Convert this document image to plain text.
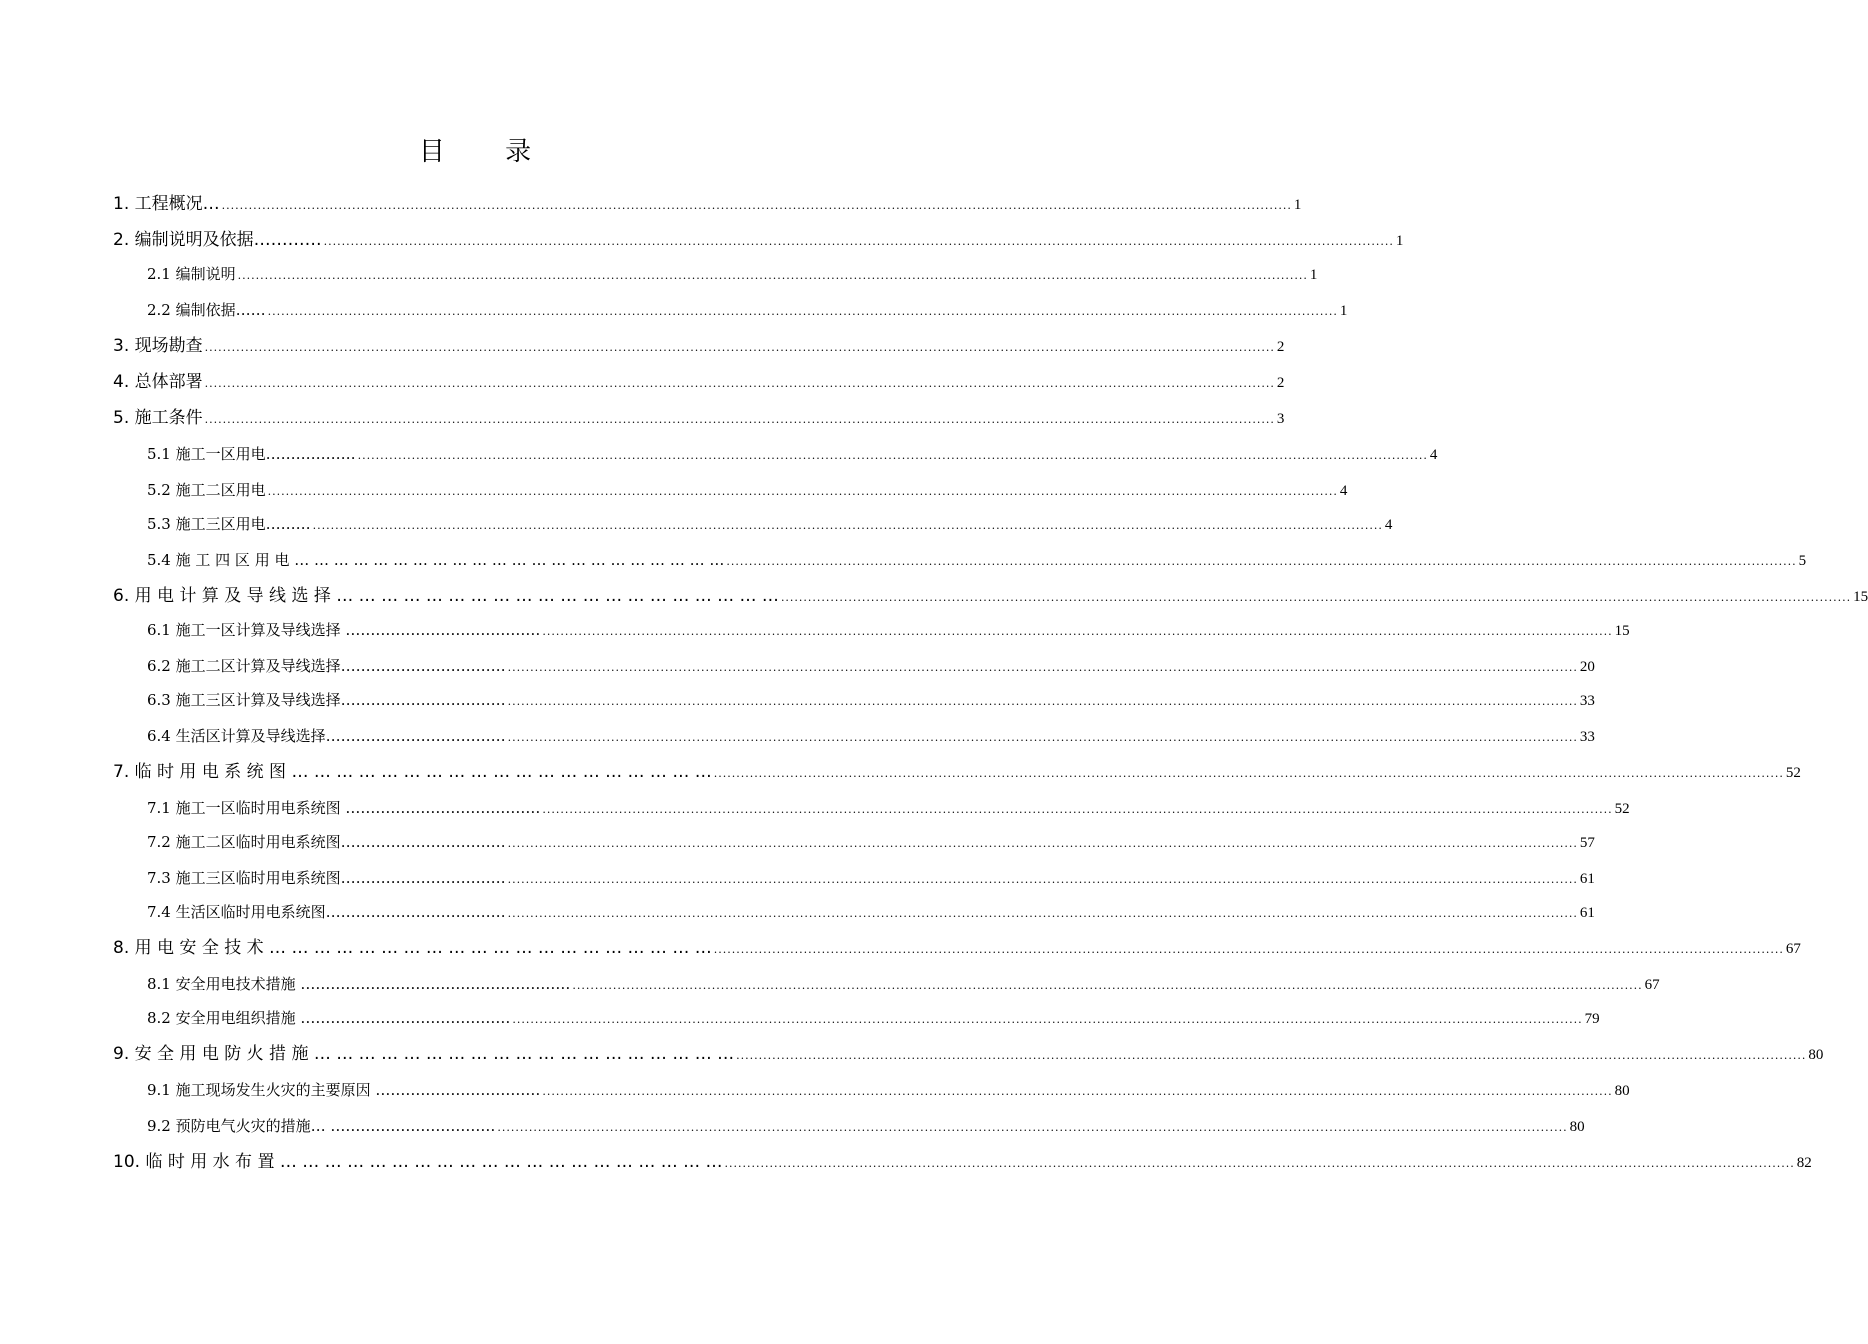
目 录
1. 工程概况… .............................................................................................................................................................................................................................................. 1
2. 编制说明及依据………… .............................................................................................................................................................................................................................................. 1
2.1 编制说明 .............................................................................................................................................................................................................................................. 1
2.2 编制依据…… .............................................................................................................................................................................................................................................. 1
3. 现场勘查 .............................................................................................................................................................................................................................................. 2
4. 总体部署 .............................................................................................................................................................................................................................................. 2
5. 施工条件 .............................................................................................................................................................................................................................................. 3
5.1 施工一区用电……………… .............................................................................................................................................................................................................................................. 4
5.2 施工二区用电 .............................................................................................................................................................................................................................................. 4
5.3 施工三区用电……… .............................................................................................................................................................................................................................................. 4
5.4 施 工 四 区 用 电 … … … … … … … … … … … … … … … … … … … … … … .............................................................................................................................................................................................................................................. 5
6. 用 电 计 算 及 导 线 选 择 … … … … … … … … … … … … … … … … … … … … .............................................................................................................................................................................................................................................. 15
6.1 施工一区计算及导线选择 ………………………………… .............................................................................................................................................................................................................................................. 15
6.2 施工二区计算及导线选择…………………………… .............................................................................................................................................................................................................................................. 20
6.3 施工三区计算及导线选择…………………………… .............................................................................................................................................................................................................................................. 33
6.4 生活区计算及导线选择……………………………… .............................................................................................................................................................................................................................................. 33
7. 临 时 用 电 系 统 图 … … … … … … … … … … … … … … … … … … … .............................................................................................................................................................................................................................................. 52
7.1 施工一区临时用电系统图 ………………………………… .............................................................................................................................................................................................................................................. 52
7.2 施工二区临时用电系统图…………………………… .............................................................................................................................................................................................................................................. 57
7.3 施工三区临时用电系统图…………………………… .............................................................................................................................................................................................................................................. 61
7.4 生活区临时用电系统图……………………………… .............................................................................................................................................................................................................................................. 61
8. 用 电 安 全 技 术 … … … … … … … … … … … … … … … … … … … … .............................................................................................................................................................................................................................................. 67
8.1 安全用电技术措施 ……………………………………………… .............................................................................................................................................................................................................................................. 67
8.2 安全用电组织措施 …………………………………… .............................................................................................................................................................................................................................................. 79
9. 安 全 用 电 防 火 措 施 … … … … … … … … … … … … … … … … … … … .............................................................................................................................................................................................................................................. 80
9.1 施工现场发生火灾的主要原因 …………………………… .............................................................................................................................................................................................................................................. 80
9.2 预防电气火灾的措施… …………………………… .............................................................................................................................................................................................................................................. 80
10. 临 时 用 水 布 置 … … … … … … … … … … … … … … … … … … … … .............................................................................................................................................................................................................................................. 82
